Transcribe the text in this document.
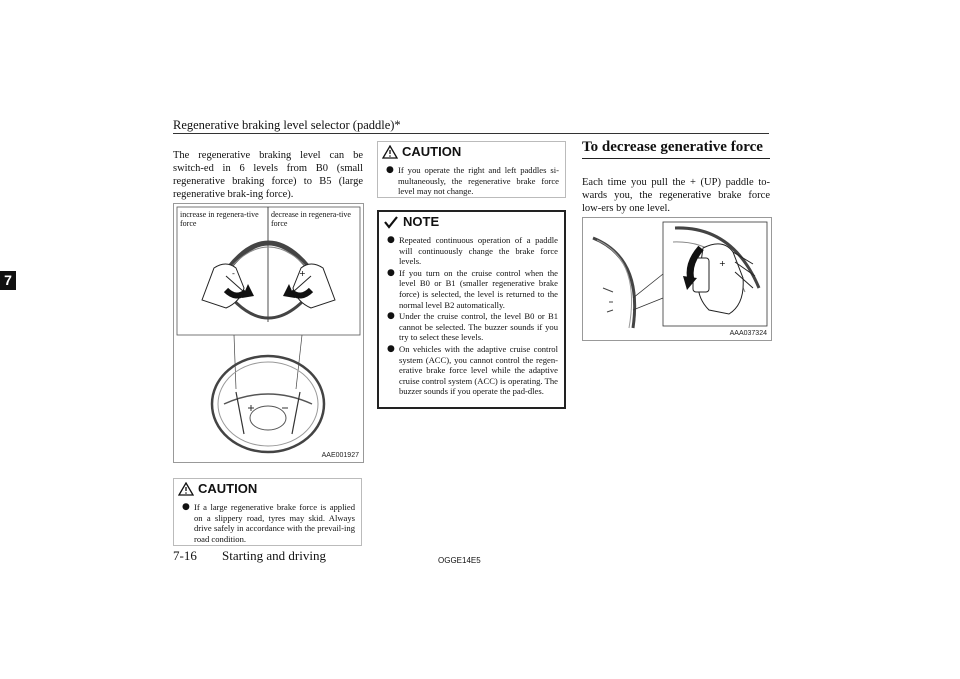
Regenerative braking level selector (paddle)*
7
The regenerative braking level can be switch-ed in 6 levels from B0 (small regenerative braking force) to B5 (large regenerative brak-ing force).
-	+
increase in regenera-tive force
decrease in regenera-tive force
AAE001927
CAUTION
● If a large regenerative brake force is applied on a slippery road, tyres may skid. Always drive safely in accordance with the prevail-ing road condition.
CAUTION
● If you operate the right and left paddles si-multaneously, the regenerative brake force level may not change.
NOTE
● Repeated continuous operation of a paddle will continuously change the brake force levels.
● If you turn on the cruise control when the level B0 or B1 (smaller regenerative brake force) is selected, the level is returned to the normal level B2 automatically.
● Under the cruise control, the level B0 or B1 cannot be selected. The buzzer sounds if you try to select these levels.
● On vehicles with the adaptive cruise control system (ACC), you cannot control the regen-erative brake force level while the adaptive cruise control system (ACC) is operating. The buzzer sounds if you operate the pad-dles.
To decrease generative force
Each time you pull the + (UP) paddle to-wards you, the regenerative brake force low-ers by one level.
+
AAA037324
7-16 Starting and driving	OGGE14E5
